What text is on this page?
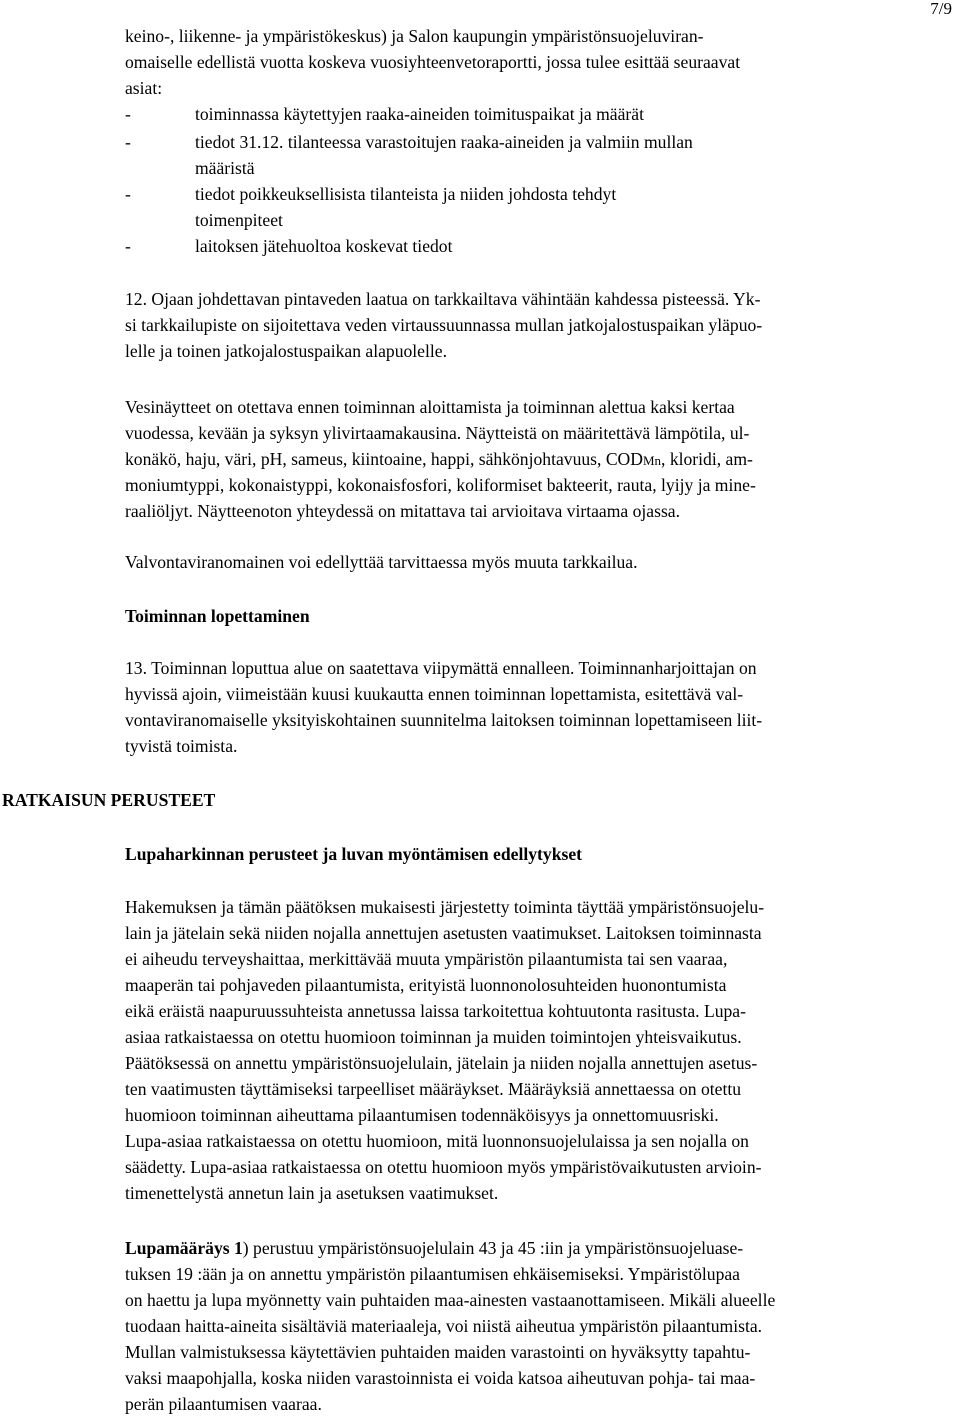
7/9
keino-, liikenne- ja ympäristökeskus) ja Salon kaupungin ympäristönsuojeluviran-
omaiselle edellistä vuotta koskeva vuosiyhteenvetoraportti, jossa tulee esittää seuraavat
asiat:
-	toiminnassa käytettyjen raaka-aineiden toimituspaikat ja määrät
-	tiedot 31.12. tilanteessa varastoitujen raaka-aineiden ja valmiin mullan
määristä
-	tiedot poikkeuksellisista tilanteista ja niiden johdosta tehdyt
toimenpiteet
-	laitoksen jätehuoltoa koskevat tiedot
12. Ojaan johdettavan pintaveden laatua on tarkkailtava vähintään kahdessa pisteessä. Yk-
si tarkkailupiste on sijoitettava veden virtaussuunnassa mullan jatkojalostuspaikan yläpuo-
lelle ja toinen jatkojalostuspaikan alapuolelle.
Vesinäytteet on otettava ennen toiminnan aloittamista ja toiminnan alettua kaksi kertaa
vuodessa, kevään ja syksyn ylivirtaamakausina. Näytteistä on määritettävä lämpötila, ul-
konäkö, haju, väri, pH, sameus, kiintoaine, happi, sähkönjohtavuus, CODMn, kloridi, am-
moniumtyppi, kokonaistyppi, kokonaisfosfori, koliformiset bakteerit, rauta, lyijy ja mine-
raaliöljyt. Näytteenoton yhteydessä on mitattava tai arvioitava virtaama ojassa.
Valvontaviranomainen voi edellyttää tarvittaessa myös muuta tarkkailua.
Toiminnan lopettaminen
13. Toiminnan loputtua alue on saatettava viipymättä ennalleen. Toiminnanharjoittajan on
hyvissä ajoin, viimeistään kuusi kuukautta ennen toiminnan lopettamista, esitettävä val-
vontaviranomaiselle yksityiskohtainen suunnitelma laitoksen toiminnan lopettamiseen liit-
tyvistä toimista.
RATKAISUN PERUSTEET
Lupaharkinnan perusteet ja luvan myöntämisen edellytykset
Hakemuksen ja tämän päätöksen mukaisesti järjestetty toiminta täyttää ympäristönsuojelu-
lain ja jätelain sekä niiden nojalla annettujen asetusten vaatimukset. Laitoksen toiminnasta
ei aiheudu terveyshaittaa, merkittävää muuta ympäristön pilaantumista tai sen vaaraa,
maaperän tai pohjaveden pilaantumista, erityistä luonnonolosuhteiden huonontumista
eikä eräistä naapuruussuhteista annetussa laissa tarkoitettua kohtuutonta rasitusta. Lupa-
asiaa ratkaistaessa on otettu huomioon toiminnan ja muiden toimintojen yhteisvaikutus.
Päätöksessä on annettu ympäristönsuojelulain, jätelain ja niiden nojalla annettujen asetus-
ten vaatimusten täyttämiseksi tarpeelliset määräykset. Määräyksiä annettaessa on otettu
huomioon toiminnan aiheuttama pilaantumisen todennäköisyys ja onnettomuusriski.
Lupa-asiaa ratkaistaessa on otettu huomioon, mitä luonnonsuojelulaissa ja sen nojalla on
säädetty. Lupa-asiaa ratkaistaessa on otettu huomioon myös ympäristövaikutusten arvioin-
timenettelystä annetun lain ja asetuksen vaatimukset.
Lupamääräys 1) perustuu ympäristönsuojelulain 43 ja 45 :iin ja ympäristönsuojeluase-
tuksen 19 :ään ja on annettu ympäristön pilaantumisen ehkäisemiseksi. Ympäristölupaa
on haettu ja lupa myönnetty vain puhtaiden maa-ainesten vastaanottamiseen. Mikäli alueelle
tuodaan haitta-aineita sisältäviä materiaaleja, voi niistä aiheutua ympäristön pilaantumista.
Mullan valmistuksessa käytettävien puhtaiden maiden varastointi on hyväksytty tapahtu-
vaksi maapohjalla, koska niiden varastoinnista ei voida katsoa aiheutuvan pohja- tai maa-
perän pilaantumisen vaaraa.
